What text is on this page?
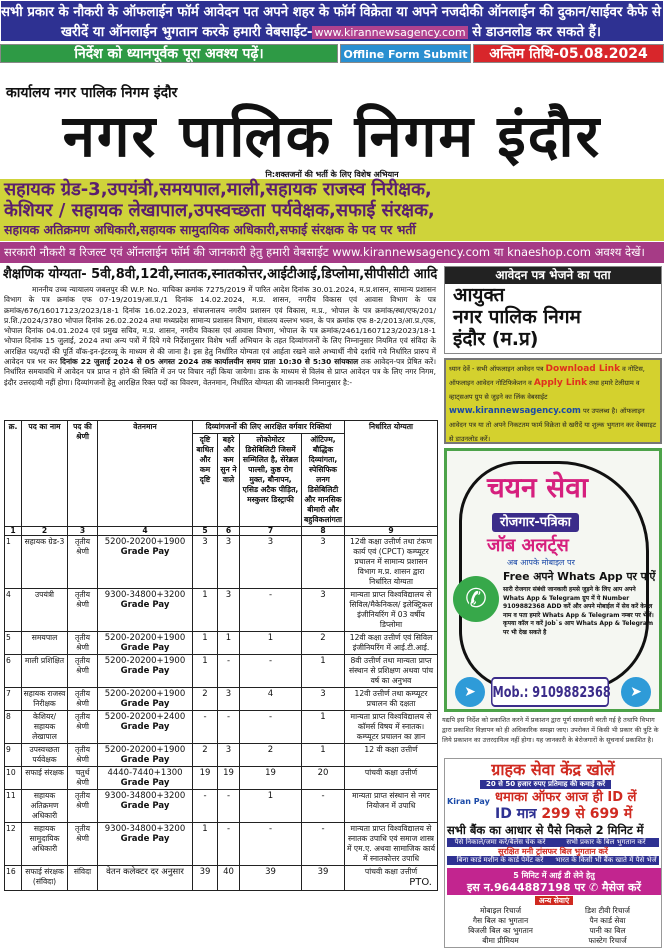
सभी प्रकार के नौकरी के ऑफलाईन फॉर्म आवेदन पत अपने शहर के फॉर्म विक्रेता या अपने नजदीकी ऑनलाईन की दुकान/साईवर कैफे से
खरीदें या ऑनलाईन भुगतान करके हमारी वेबसाईट- www.kirannewsagency.com से डाउनलोड कर सकते हैं।
निर्देश को ध्यानपूर्वक पूरा अवश्य पढ़ें।	Offline Form Submit	अन्तिम तिथि-05.08.2024
कार्यालय नगर पालिक निगम इंदौर
नगर पालिक निगम इंदौर
नि:शक्तजनों की भर्ती के लिए विशेष अभियान
सहायक ग्रेड-3,उपयंत्री,समयपाल,माली,सहायक राजस्व निरीक्षक,
केशियर / सहायक लेखापाल,उपस्वच्छता पर्यवेक्षक,सफाई संरक्षक,
सहायक अतिक्रमण अधिकारी,सहायक सामुदायिक अधिकारी,सफाई संरक्षक के पद पर भर्ती
सरकारी नौकरी व रिजल्ट एवं ऑनलाईन फॉर्म की जानकारी हेतु हमारी वेबसाईट www.kirannewsagency.com या knaeshop.com अवश्य देखें।
शैक्षणिक योग्यता- 5वी,8वी,12वी,स्नातक,स्नातकोत्तर,आईटीआई,डिप्लोमा,सीपीसीटी आदि
माननीय उच्च न्यायालय जबलपुर की W.P. No. याचिका क्रमांक 7275/2019 में पारित आदेश दिनांक 30.01.2024, म.प्र.शासन, सामान्य प्रशासन विभाग के पत्र क्रमांक एफ 07-19/2019/आ.प्र./1 दिनांक 14.02.2024, म.प्र. शासन, नगरीय विकास एवं आवास विभाग के पत्र क्रमांक/676/16017123/2023/18-1 दिनांक 16.02.2023, संचालनालय नगरीय प्रशासन एवं विकास, म.प्र., भोपाल के पत्र क्रमांक/स्था/एफ/201/प्र.शि./2024/3780 भोपाल दिनांक 26.02.2024 तथा मध्यप्रदेश सामान्य प्रशासन विभाग, मंत्रालय वल्लभ भवन, के पत्र क्रमांक एफ 8-2/2013/आ.प्र./एक, भोपाल दिनांक 04.01.2024 एवं प्रमुख सचिव, म.प्र. शासन, नगरीय विकास एवं आवास विभाग, भोपाल के पत्र क्रमांक/2461/1607123/2023/18-1 भोपाल दिनांक 15 जुलाई, 2024 तथा अन्य पत्रों में दिये गये निर्देशानुसार विशेष भर्ती अभियान के तहत दिव्यांगजनों के लिए निम्नानुसार नियमित एवं संविदा के आरक्षित पद/पदों की पूर्ति वॉक-इन-इंटरव्यू के माध्यम से की जाना है। इस हेतु निर्धारित योग्यता एवं आर्हता रखने वाले अभ्यार्थी नीचे दर्शाये गये निर्धारित प्रारुप में आवेदन पत्र भर कर दिनांक 22 जुलाई 2024 से 05 अगस्त 2024 तक कार्यालयीन समय प्रातः 10:30 से 5:30 सांयकाल तक आवेदन-पत्र प्रेषित करें। निर्धारित समयावधि में आवेदन पत्र प्राप्त न होने की स्थिति में उन पर विचार नहीं किया जायेगा। डाक के माध्यम से विलंब से प्राप्त आवेदन पत्र के लिए नगर निगम, इंदौर उत्तरदायी नहीं होगा। दिव्यांगजनों हेतु आरक्षित रिक्त पदों का विवरण, वेतनमान, निर्धारित योग्यता की जानकारी निम्नानुसार है:-
क्र.	पद का नाम	पद की श्रेणी	वेतनमान	दिव्यांगजनों की लिए आरक्षित वर्गवार रिक्तियां				निर्धारित योग्यता
				दृष्टि बाधित और कम दृष्टि	बहरे और कम सुन ने वाले	लोकोमोटर डिसेबिलिटी जिसमें सम्मिलित है, सेरेब्रल पाल्सी, कुष्ठ रोग मुक्त, बौनापन, एसिड अटैक पीड़ित, मस्कुलर डिस्ट्राफी	ऑटिज्म, बौद्धिक दिव्यांगता, स्पेसिफिक लनग डिसेबिलिटी और मानसिक बीमारी और बहुविकलांगता	
1	2	3	4	5	6	7	8	9
1	सहायक ग्रेड-3	तृतीय श्रेणी	5200-20200+1900
Grade Pay	3	3	3	3	12वी कक्षा उत्तीर्ण तथा टंकण कार्य एवं (CPCT) कम्प्यूटर प्रचालन में सामान्य प्रशासन विभाग म.प्र. शासन द्वारा निर्धारित योग्यता

4	उपयंत्री	तृतीय श्रेणी	9300-34800+3200
Grade Pay	1	3	-	3	मान्यता प्राप्त विश्वविद्यालय से सिविल/मैकेनिकल/ इलेक्ट्रिकल इंजीनियरिंग में 03 वर्षीय डिप्लोमा

5	समयपाल	तृतीय श्रेणी	5200-20200+1900
Grade Pay	1	1	1	2	12वी कक्षा उत्तीर्ण एवं सिविल इंजीनियरिंग में आई.टी.आई.

6	माली प्रशिक्षित	तृतीय श्रेणी	5200-20200+1900
Grade Pay	1	-	-	1	8वी उत्तीर्ण तथा मान्यता प्राप्त संस्थान से प्रशिक्षण अथवा पांच वर्ष का अनुभव

7	सहायक राजस्व निरीक्षक	तृतीय श्रेणी	5200-20200+1900
Grade Pay	2	3	4	3	12वी उत्तीर्ण तथा कम्प्यूटर प्रचालन की दक्षता

8	केशियर/ सहायक लेखापाल	तृतीय श्रेणी	5200-20200+2400
Grade Pay	-	-	-	1	मान्यता प्राप्त विश्वविद्यालय से कॉमर्स विषय में स्नातक। कम्प्यूटर प्रचालन का ज्ञान

9	उपस्वच्छता पर्यवेक्षक	तृतीय श्रेणी	5200-20200+1900
Grade Pay	2	3	2	1	12 वी कक्षा उत्तीर्ण

10	सफाई संरक्षक	चतुर्थ श्रेणी	4440-7440+1300
Grade Pay	19	19	19	20	पांचवी कक्षा उत्तीर्ण

11	सहायक अतिक्रमण अधिकारी	तृतीय श्रेणी	9300-34800+3200
Grade Pay	-	-	1	-	मान्यता प्राप्त संस्थान से नगर नियोजन में उपाधि

12	सहायक सामुदायिक अधिकारी	तृतीय श्रेणी	9300-34800+3200
Grade Pay	1	-	-	-	मान्यता प्राप्त विश्वविद्यालय से स्नातक उपाधि एवं समाज शास्त्र में एम.ए. अथवा सामाजिक कार्य में स्नातकोत्तर उपाधि

16	सफाई संरक्षक (संविदा)	संविदा	वेतन कलेक्टर दर अनुसार	39	40	39	39	पांचवी कक्षा उत्तीर्ण
PTO.
आवेदन पत्र भेजने का पता
आयुक्त
नगर पालिक निगम
इंदौर (म.प्र)
ध्यान देवें - सभी ऑफलाइन आवेदन पत्र Download Link व नोटिस, ऑफलाइन आवेदन नोटिफिकेशन व Apply Link तथा हमारे टेलीग्राम व व्हाट्सअप ग्रुप से जुड़ने का लिंक वेबसाईट www.kirannewsagency.com पर उपलब्ध है। ऑफलाइन आवेदन पत्र या तो अपने निकटतम फार्म विक्रेता से खरीदें या शुल्क भुगतान कर वेबसाइट से डाउनलोड करें।
चयन सेवा
रोजगार-पत्रिका
जॉब अलर्ट्स
अब आपके मोबाइल पर
✆
Free अपने Whats App पर पाऐं
सारी रोजगार संबंधी जानकारी हमसे जुड़ने के लिए आप अपने Whats App & Telegram ग्रुप में ये Number 9109882368 ADD करें और अपने मोबाईल में सेव करें केवल नाम व पता हमारे Whats App & Telegram नम्बर पर भेजें। कृपया कॉल न करें Job`s आप Whats App & Telegram पर भी देख सकते है
➤	Mob.: 9109882368	➤
यद्यपि इस निर्देश को प्रकाशित करने में प्रकाशन द्वारा पूर्ण सावधानी बरती गई है तथापि विभाग द्वारा प्रकाशित विज्ञापन को ही अधिकारिक समझा जाए। उपरोक्त में किसी भी प्रकार की त्रुटि के लिये प्रकाशन का उत्तरदायित्व नहीं होगा। यह जानकारी के बेरोजगारों के सूचनार्थ प्रकाशित है।
ग्राहक सेवा केंद्र खोलें
20 से 50 हजार रुपए प्रतिमाह की कमाई करें
Kiran Pay धमाका ऑफर आज ही ID लें
ID मात्र 299 से 699 में
सभी बैंक का आधार से पैसे निकले 2 मिनिट में
पैसे निकाले/जमा करें/बैलेंस चेक करें	सभी प्रकार के बिल भुगतान करें सुरक्षित मनी ट्रांसफर बिल भुगतान करें बिना कार्ड मशीन के कार्ड पेमेंट करें भारत के किसी भी बैंक खाते में पैसे भेजें
5 मिनिट में आई डी लेने हेतु
इस न.9644887198 पर ✆ मैसेज करें
अन्य सेवाएं
मोबाइल रिचार्ज	डिश टीवी रिचार्ज
गैस बिल का भुगतान	पैन कार्ड सेवा
बिजली बिल का भुगतान	पानी का बिल
बीमा प्रीमियम	फास्टेग रिचार्ज
